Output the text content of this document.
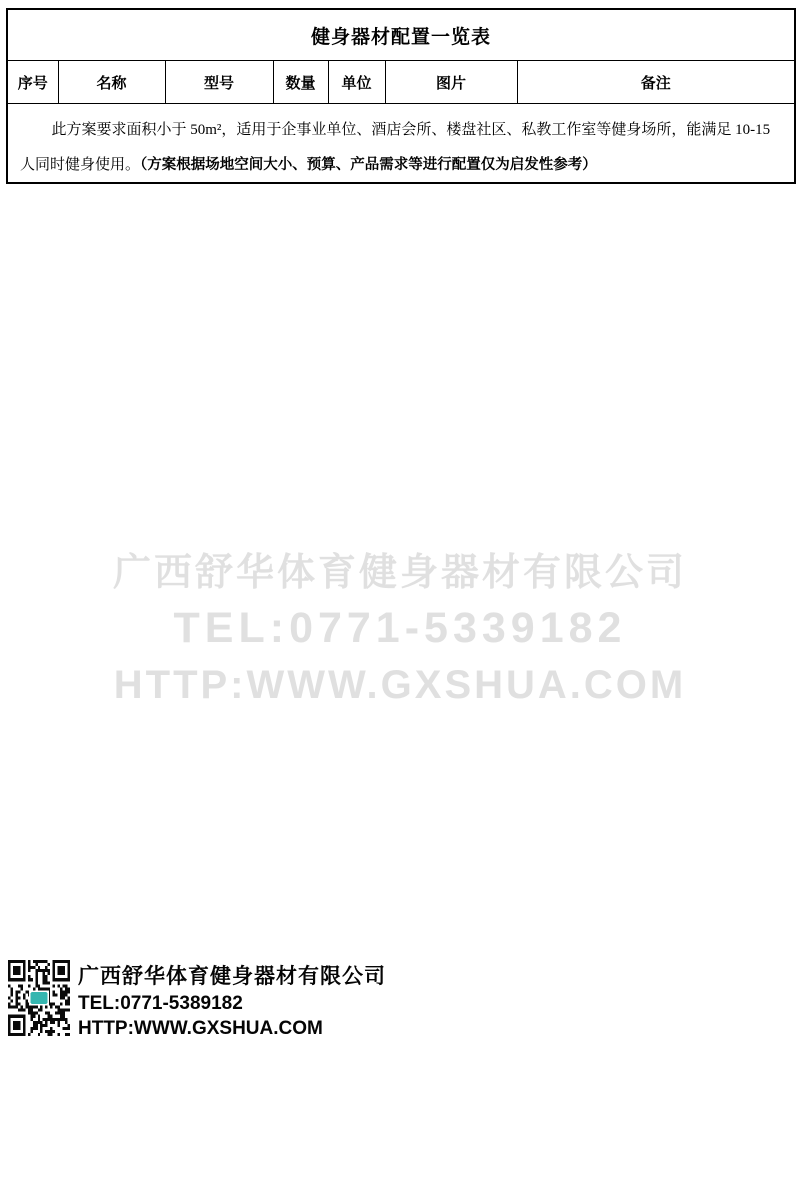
健身器材配置一览表
序号	名称	型号	数量	单位	图片	备注

此方案要求面积小于 50m²，适用于企事业单位、酒店会所、楼盘社区、私教工作室等健身场所，能满足 10-15 人同时健身使用。（方案根据场地空间大小、预算、产品需求等进行配置仅为启发性参考）

广西舒华体育健身器材有限公司
TEL:0771-5339182
HTTP:WWW.GXSHUA.COM
广西舒华体育健身器材有限公司
TEL:0771-5389182
HTTP:WWW.GXSHUA.COM
